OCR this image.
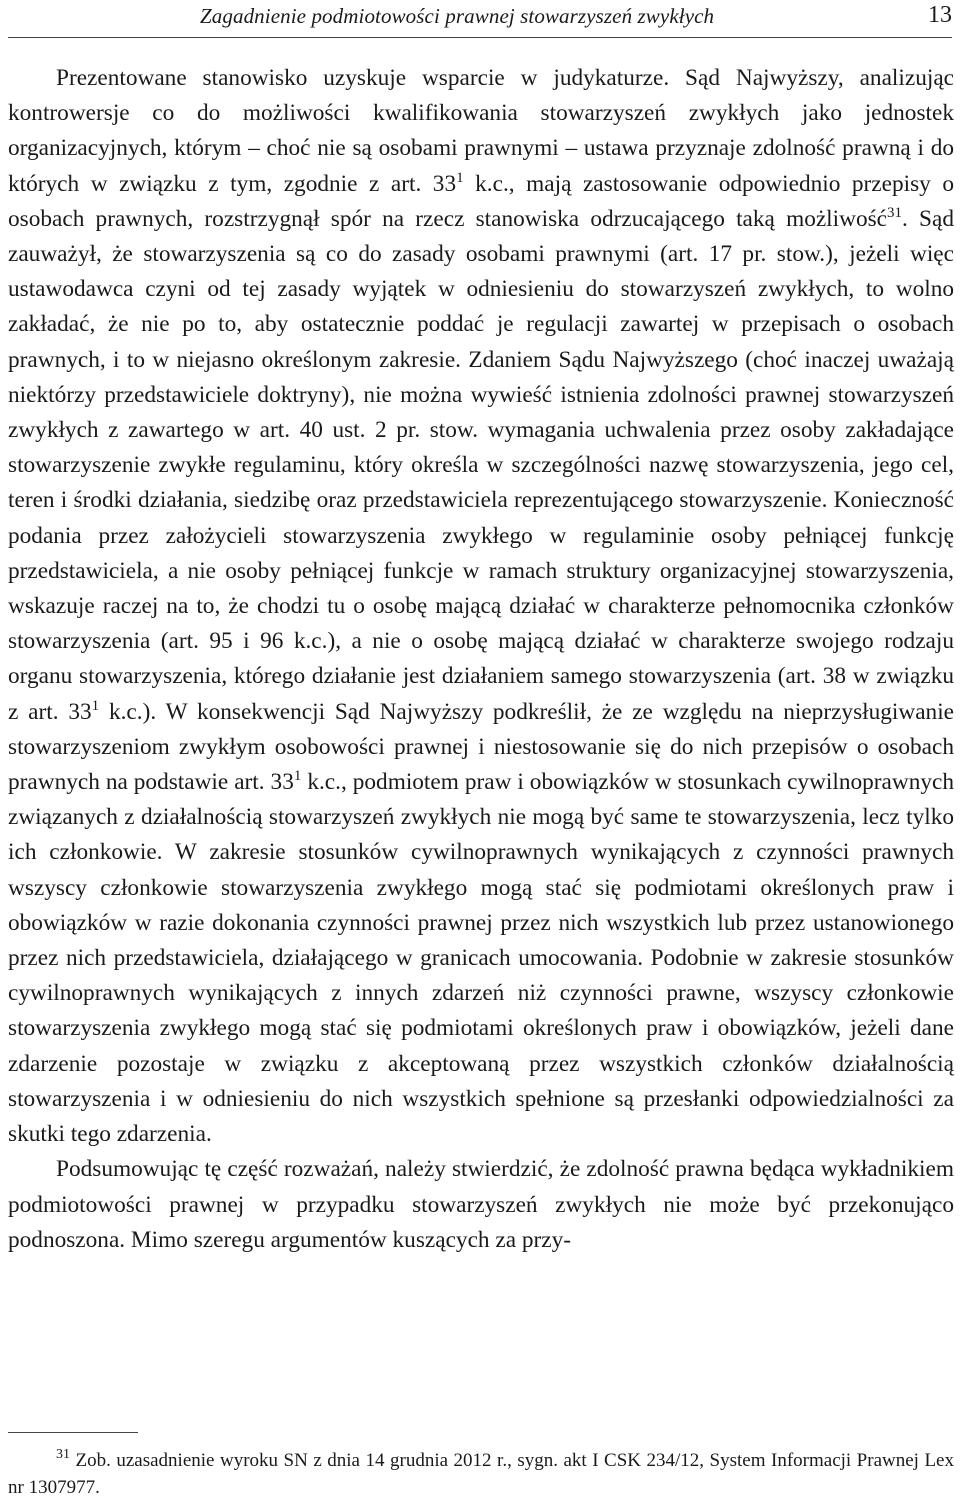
Zagadnienie podmiotowości prawnej stowarzyszeń zwykłych	13

Prezentowane stanowisko uzyskuje wsparcie w judykaturze. Sąd Najwyższy, analizując kontrowersje co do możliwości kwalifikowania stowarzyszeń zwykłych jako jednostek organizacyjnych, którym – choć nie są osobami prawnymi – ustawa przyznaje zdolność prawną i do których w związku z tym, zgodnie z art. $33^1$ k.c., mają zastosowanie odpowiednio przepisy o osobach prawnych, rozstrzygnął spór na rzecz stanowiska odrzucającego taką możliwość$^{31}$. Sąd zauważył, że stowarzyszenia są co do zasady osobami prawnymi (art. 17 pr. stow.), jeżeli więc ustawodawca czyni od tej zasady wyjątek w odniesieniu do stowarzyszeń zwykłych, to wolno zakładać, że nie po to, aby ostatecznie poddać je regulacji zawartej w przepisach o osobach prawnych, i to w niejasno określonym zakresie. Zdaniem Sądu Najwyższego (choć inaczej uważają niektórzy przedstawiciele doktryny), nie można wywieść istnienia zdolności prawnej stowarzyszeń zwykłych z zawartego w art. 40 ust. 2 pr. stow. wymagania uchwalenia przez osoby zakładające stowarzyszenie zwykłe regulaminu, który określa w szczególności nazwę stowarzyszenia, jego cel, teren i środki działania, siedzibę oraz przedstawiciela reprezentującego stowarzyszenie. Konieczność podania przez założycieli stowarzyszenia zwykłego w regulaminie osoby pełniącej funkcję przedstawiciela, a nie osoby pełniącej funkcje w ramach struktury organizacyjnej stowarzyszenia, wskazuje raczej na to, że chodzi tu o osobę mającą działać w charakterze pełnomocnika członków stowarzyszenia (art. 95 i 96 k.c.), a nie o osobę mającą działać w charakterze swojego rodzaju organu stowarzyszenia, którego działanie jest działaniem samego stowarzyszenia (art. 38 w związku z art. $33^1$ k.c.). W konsekwencji Sąd Najwyższy podkreślił, że ze względu na nieprzysługiwanie stowarzyszeniom zwykłym osobowości prawnej i niestosowanie się do nich przepisów o osobach prawnych na podstawie art. $33^1$ k.c., podmiotem praw i obowiązków w stosunkach cywilnoprawnych związanych z działalnością stowarzyszeń zwykłych nie mogą być same te stowarzyszenia, lecz tylko ich członkowie. W zakresie stosunków cywilnoprawnych wynikających z czynności prawnych wszyscy członkowie stowarzyszenia zwykłego mogą stać się podmiotami określonych praw i obowiązków w razie dokonania czynności prawnej przez nich wszystkich lub przez ustanowionego przez nich przedstawiciela, działającego w granicach umocowania. Podobnie w zakresie stosunków cywilnoprawnych wynikających z innych zdarzeń niż czynności prawne, wszyscy członkowie stowarzyszenia zwykłego mogą stać się podmiotami określonych praw i obowiązków, jeżeli dane zdarzenie pozostaje w związku z akceptowaną przez wszystkich członków działalnością stowarzyszenia i w odniesieniu do nich wszystkich spełnione są przesłanki odpowiedzialności za skutki tego zdarzenia.

Podsumowując tę część rozważań, należy stwierdzić, że zdolność prawna będąca wykładnikiem podmiotowości prawnej w przypadku stowarzyszeń zwykłych nie może być przekonująco podnoszona. Mimo szeregu argumentów kuszących za przy-

$^{31}$ Zob. uzasadnienie wyroku SN z dnia 14 grudnia 2012 r., sygn. akt I CSK 234/12, System Informacji Prawnej Lex nr 1307977.
